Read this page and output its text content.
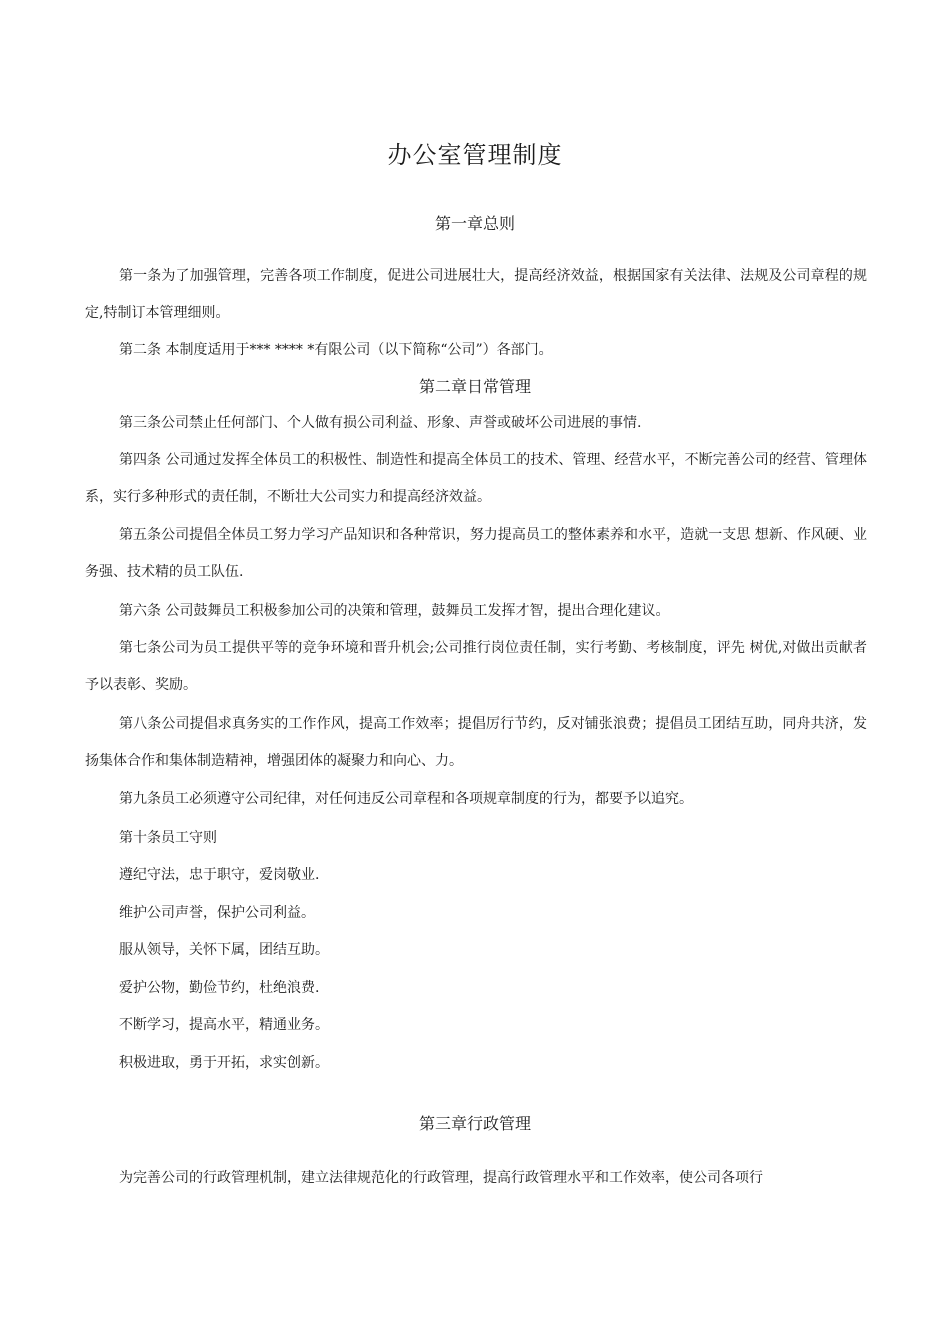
办公室管理制度
第一章总则
第一条为了加强管理，完善各项工作制度，促进公司进展壮大，提高经济效益，根据国家有关法律、法规及公司章程的规定,特制订本管理细则。
第二条 本制度适用于*** **** *有限公司（以下简称“公司”）各部门。
第二章日常管理
第三条公司禁止任何部门、个人做有损公司利益、形象、声誉或破坏公司进展的事情.
第四条 公司通过发挥全体员工的积极性、制造性和提高全体员工的技术、管理、经营水平，不断完善公司的经营、管理体系，实行多种形式的责任制，不断壮大公司实力和提高经济效益。
第五条公司提倡全体员工努力学习产品知识和各种常识，努力提高员工的整体素养和水平，造就一支思 想新、作风硬、业务强、技术精的员工队伍.
第六条 公司鼓舞员工积极参加公司的决策和管理，鼓舞员工发挥才智，提出合理化建议。
第七条公司为员工提供平等的竞争环境和晋升机会;公司推行岗位责任制，实行考勤、考核制度，评先 树优,对做出贡献者予以表彰、奖励。
第八条公司提倡求真务实的工作作风，提高工作效率；提倡厉行节约，反对铺张浪费；提倡员工团结互助，同舟共济，发扬集体合作和集体制造精神，增强团体的凝聚力和向心、力。
第九条员工必须遵守公司纪律，对任何违反公司章程和各项规章制度的行为，都要予以追究。
第十条员工守则
遵纪守法，忠于职守，爱岗敬业.
维护公司声誉，保护公司利益。
服从领导，关怀下属，团结互助。
爱护公物，勤俭节约，杜绝浪费.
不断学习，提高水平，精通业务。
积极进取，勇于开拓，求实创新。
第三章行政管理
为完善公司的行政管理机制，建立法律规范化的行政管理，提高行政管理水平和工作效率，使公司各项行
